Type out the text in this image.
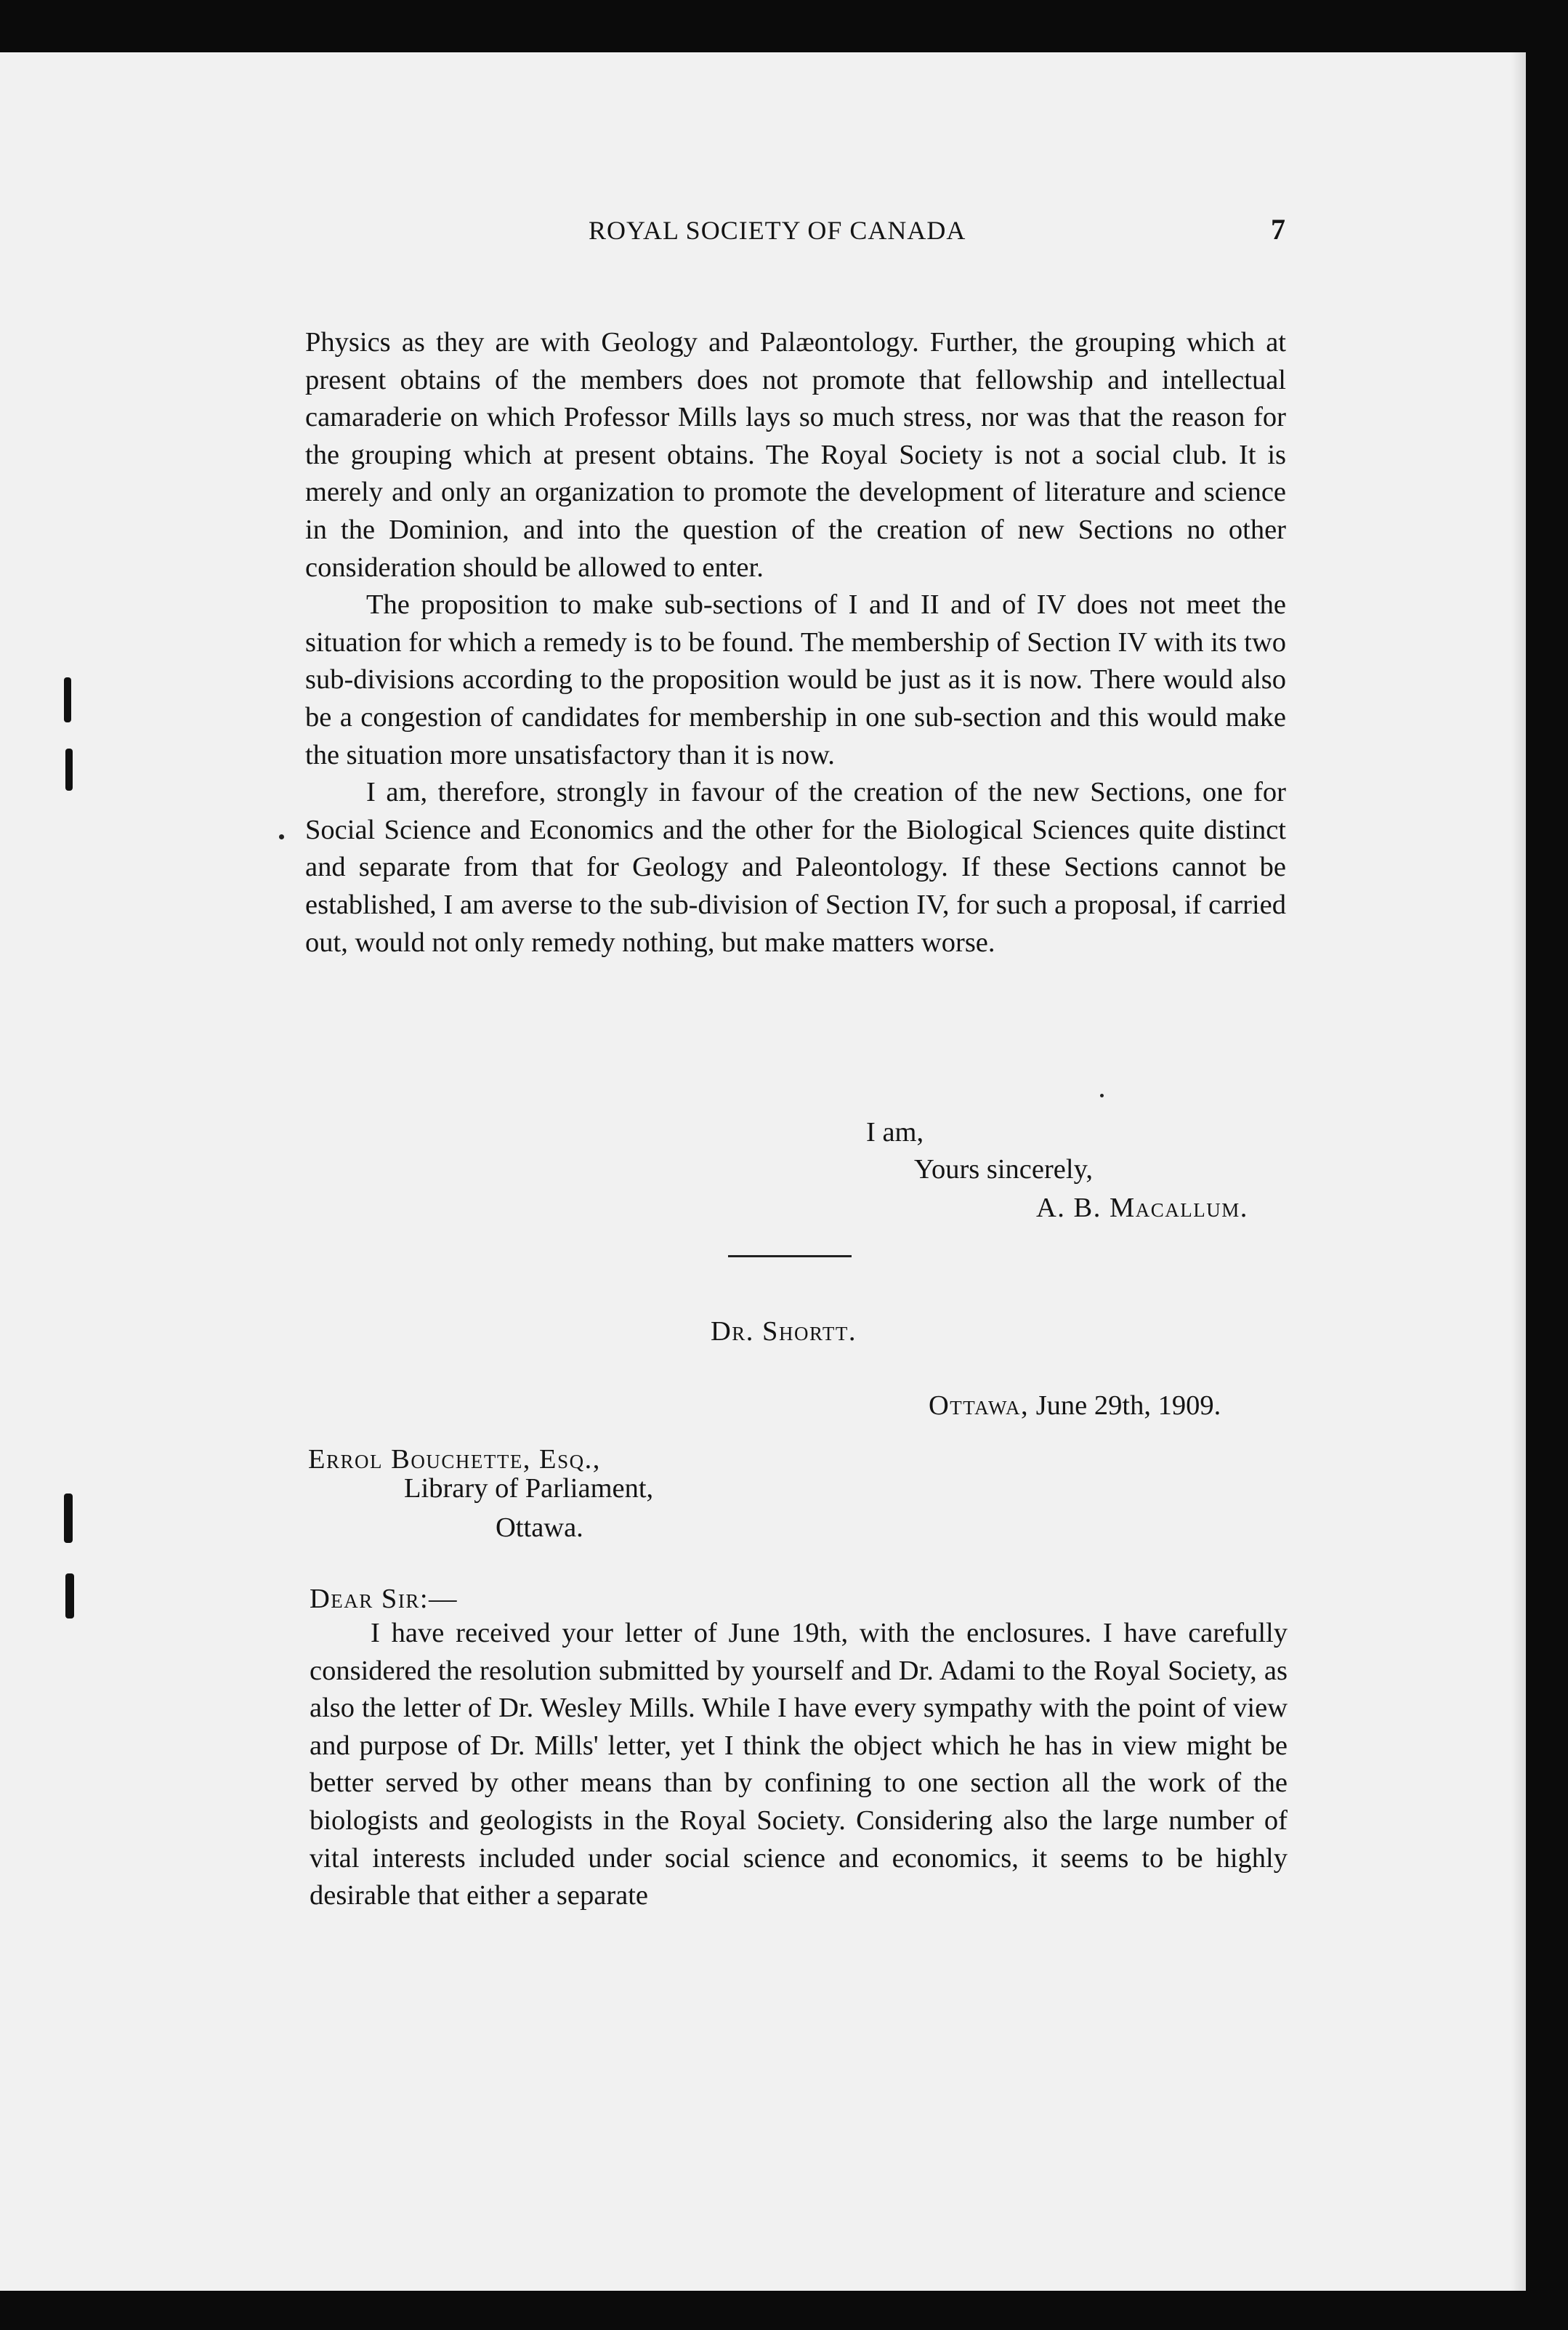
ROYAL SOCIETY OF CANADA	7

Physics as they are with Geology and Palæontology. Further, the grouping which at present obtains of the members does not promote that fellowship and intellectual camaraderie on which Professor Mills lays so much stress, nor was that the reason for the grouping which at present obtains. The Royal Society is not a social club. It is merely and only an organization to promote the development of literature and science in the Dominion, and into the question of the creation of new Sections no other consideration should be allowed to enter.

The proposition to make sub-sections of I and II and of IV does not meet the situation for which a remedy is to be found. The membership of Section IV with its two sub-divisions according to the proposition would be just as it is now. There would also be a congestion of candidates for membership in one sub-section and this would make the situation more unsatisfactory than it is now.

I am, therefore, strongly in favour of the creation of the new Sections, one for Social Science and Economics and the other for the Biological Sciences quite distinct and separate from that for Geology and Paleontology. If these Sections cannot be established, I am averse to the sub-division of Section IV, for such a proposal, if carried out, would not only remedy nothing, but make matters worse.

I am,
Yours sincerely,
A. B. Macallum.
Dr. Shortt.
Ottawa, June 29th, 1909.
Errol Bouchette, Esq.,
Library of Parliament,
Ottawa.
Dear Sir:—
I have received your letter of June 19th, with the enclosures. I have carefully considered the resolution submitted by yourself and Dr. Adami to the Royal Society, as also the letter of Dr. Wesley Mills. While I have every sympathy with the point of view and purpose of Dr. Mills' letter, yet I think the object which he has in view might be better served by other means than by confining to one section all the work of the biologists and geologists in the Royal Society. Considering also the large number of vital interests included under social science and economics, it seems to be highly desirable that either a separate
